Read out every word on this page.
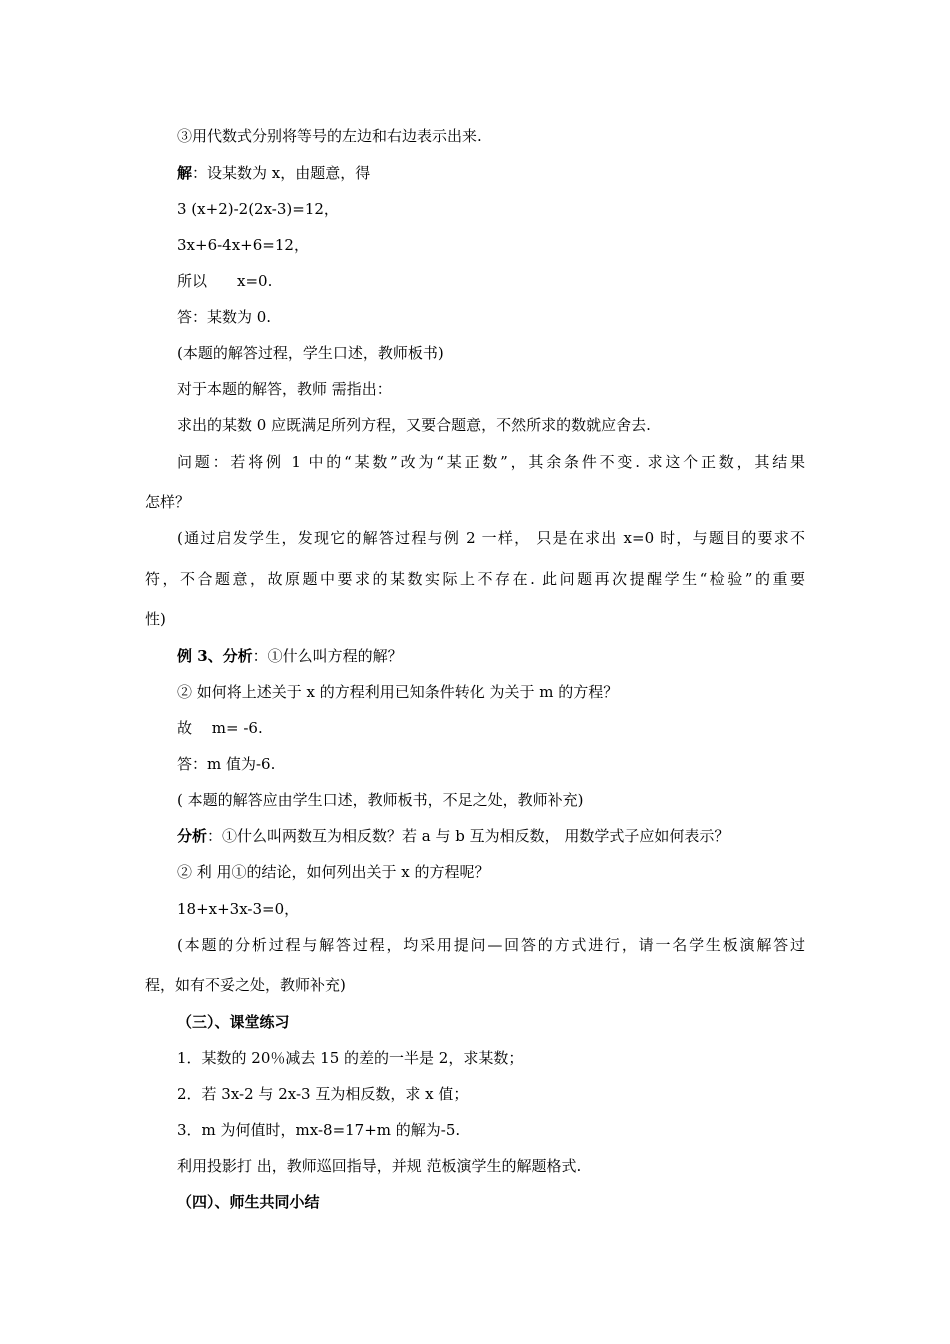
③用代数式分别将等号的左边和右边表示出来.
解：设某数为 x，由题意，得
3 (x+2)-2(2x-3)=12，
3x+6-4x+6=12，
所以　　x=0.
答：某数为 0.
(本题的解答过程，学生口述，教师板书)
对于本题的解答，教师 需指出：
求出的某数 0 应既满足所列方程，又要合题意，不然所求的数就应舍去.
问题：若将例 1 中的“某数”改为“某正数”，其余条件不变. 求这个正数，其结果
怎样？
(通过启发学生，发现它的解答过程与例 2 一样， 只是在求出 x=0 时，与题目的要求不
符，不合题意，故原题中要求的某数实际上不存在. 此问题再次提醒学生“检验”的重要
性)
例 3、分析：①什么叫方程的解？
② 如何将上述关于 x 的方程利用已知条件转化 为关于 m 的方程？
故　 m= -6.
答：m 值为-6.
( 本题的解答应由学生口述，教师板书，不足之处，教师补充)
分析：①什么叫两数互为相反数？若 a 与 b 互为相反数， 用数学式子应如何表示？
② 利 用①的结论，如何列出关于 x 的方程呢？
18+x+3x-3=0，
(本题的分析过程与解答过程，均采用提问—回答的方式进行，请一名学生板演解答过
程，如有不妥之处，教师补充)
（三）、课堂练习
1．某数的 20％减去 15 的差的一半是 2，求某数；
2．若 3x-2 与 2x-3 互为相反数，求 x 值；
3．m 为何值时，mx-8=17+m 的解为-5.
利用投影打 出，教师巡回指导，并规 范板演学生的解题格式.
（四）、师生共同小结
